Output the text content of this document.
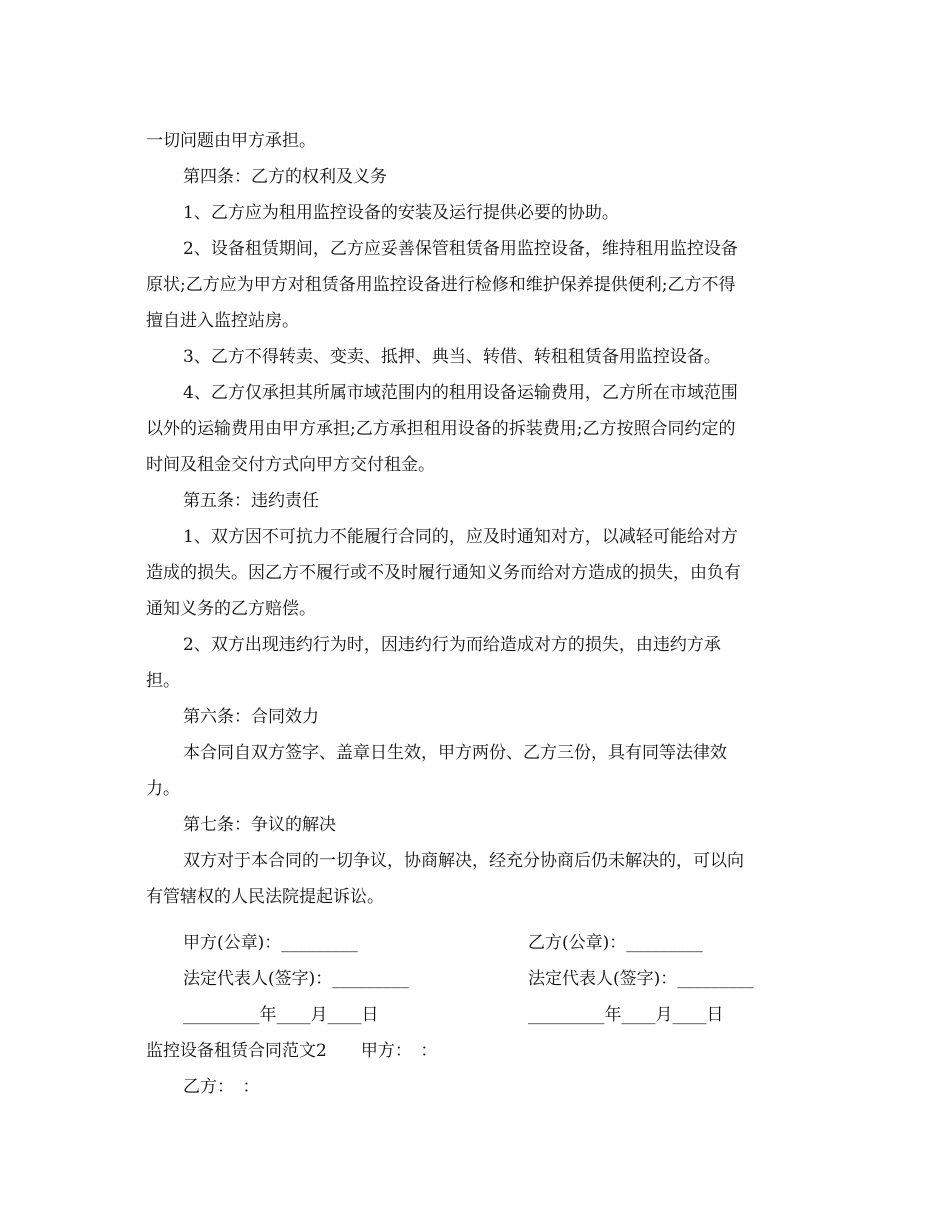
一切问题由甲方承担。
第四条：乙方的权利及义务
1、乙方应为租用监控设备的安装及运行提供必要的协助。
2、设备租赁期间，乙方应妥善保管租赁备用监控设备，维持租用监控设备
原状;乙方应为甲方对租赁备用监控设备进行检修和维护保养提供便利;乙方不得
擅自进入监控站房。
3、乙方不得转卖、变卖、抵押、典当、转借、转租租赁备用监控设备。
4、乙方仅承担其所属市域范围内的租用设备运输费用，乙方所在市域范围
以外的运输费用由甲方承担;乙方承担租用设备的拆装费用;乙方按照合同约定的
时间及租金交付方式向甲方交付租金。
第五条：违约责任
1、双方因不可抗力不能履行合同的，应及时通知对方，以减轻可能给对方
造成的损失。因乙方不履行或不及时履行通知义务而给对方造成的损失，由负有
通知义务的乙方赔偿。
2、双方出现违约行为时，因违约行为而给造成对方的损失，由违约方承
担。
第六条：合同效力
本合同自双方签字、盖章日生效，甲方两份、乙方三份，具有同等法律效
力。
第七条：争议的解决
双方对于本合同的一切争议，协商解决，经充分协商后仍未解决的，可以向
有管辖权的人民法院提起诉讼。
甲方(公章)：_________	乙方(公章)：_________
法定代表人(签字)：_________	法定代表人(签字)：_________
_________年____月____日	_________年____月____日
监控设备租赁合同范文2　　甲方：　：
乙方：　：
